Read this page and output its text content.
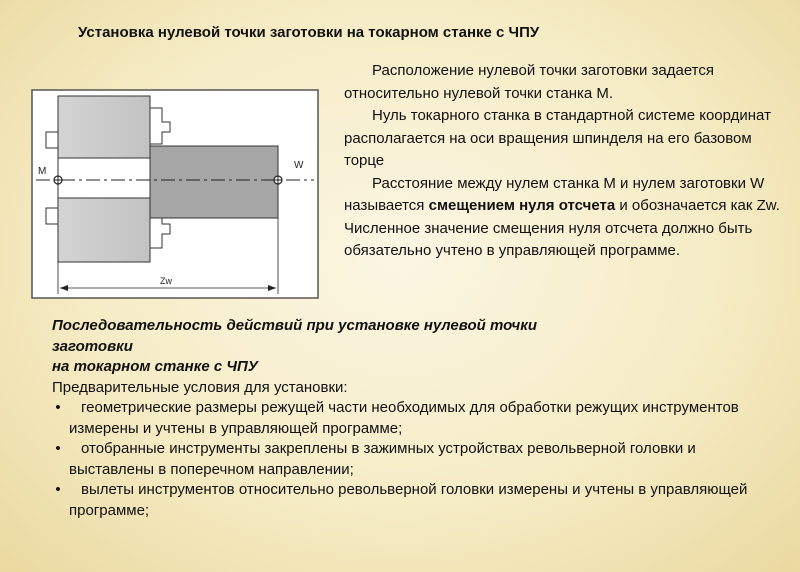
Установка нулевой точки заготовки на токарном станке с ЧПУ
M
W
Zw

Расположение нулевой точки заготовки задается относительно нулевой точки станка М.

Нуль токарного станка в стандартной системе координат располагается на оси вращения шпинделя на его базовом торце

Расстояние между нулем станка М и нулем заготовки W называется смещением нуля отсчета и обозначается как Zw. Численное значение смещения нуля отсчета должно быть обязательно учтено в управляющей программе.

Последовательность действий при установке нулевой точки

заготовки

на токарном станке с ЧПУ

Предварительные условия для установки:

• геометрические размеры режущей части необходимых для обработки режущих инструментов измерены и учтены в управляющей программе;

• отобранные инструменты закреплены в зажимных устройствах револьверной головки и выставлены в поперечном направлении;

• вылеты инструментов относительно револьверной головки измерены и учтены в управляющей программе;
